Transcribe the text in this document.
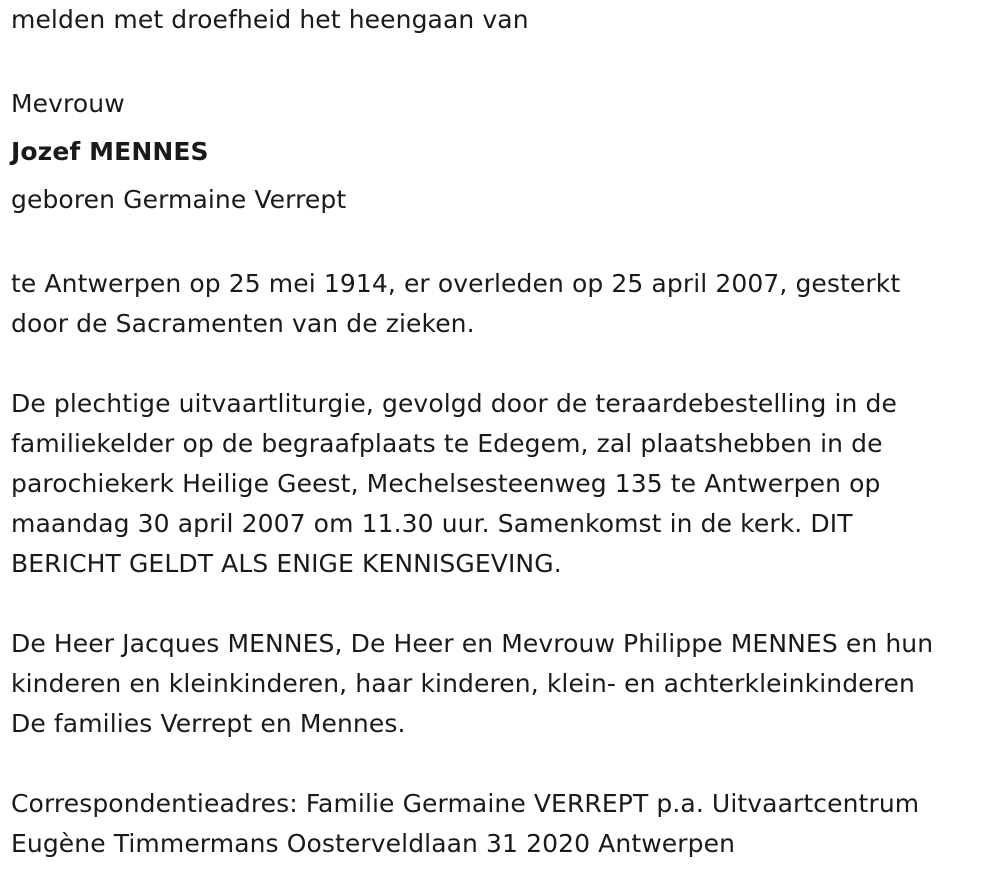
melden met droefheid het heengaan van

Mevrouw

Jozef MENNES

geboren Germaine Verrept

te Antwerpen op 25 mei 1914, er overleden op 25 april 2007, gesterkt

door de Sacramenten van de zieken.

De plechtige uitvaartliturgie, gevolgd door de teraardebestelling in de

familiekelder op de begraafplaats te Edegem, zal plaatshebben in de

parochiekerk Heilige Geest, Mechelsesteenweg 135 te Antwerpen op

maandag 30 april 2007 om 11.30 uur. Samenkomst in de kerk. DIT

BERICHT GELDT ALS ENIGE KENNISGEVING.

De Heer Jacques MENNES, De Heer en Mevrouw Philippe MENNES en hun

kinderen en kleinkinderen, haar kinderen, klein- en achterkleinkinderen

De families Verrept en Mennes.

Correspondentieadres: Familie Germaine VERREPT p.a. Uitvaartcentrum

Eugène Timmermans Oosterveldlaan 31 2020 Antwerpen
